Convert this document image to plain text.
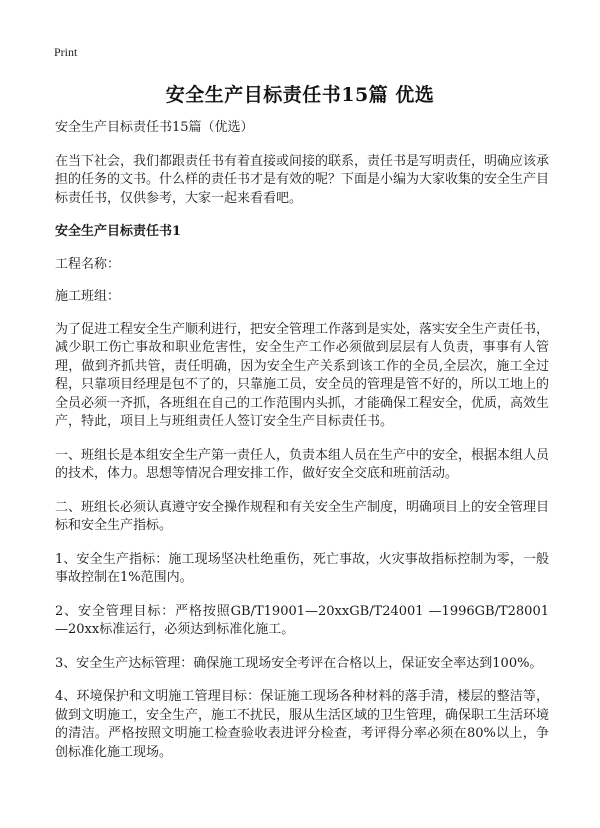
Print
安全生产目标责任书15篇 优选

安全生产目标责任书15篇（优选）

在当下社会，我们都跟责任书有着直接或间接的联系，责任书是写明责任，明确应该承担的任务的文书。什么样的责任书才是有效的呢？下面是小编为大家收集的安全生产目标责任书，仅供参考，大家一起来看看吧。

安全生产目标责任书1

工程名称：

施工班组：

为了促进工程安全生产顺利进行，把安全管理工作落到是实处，落实安全生产责任书，减少职工伤亡事故和职业危害性，安全生产工作必须做到层层有人负责，事事有人管理，做到齐抓共管，责任明确，因为安全生产关系到该工作的全员,全层次，施工全过程，只靠项目经理是包不了的，只靠施工员，安全员的管理是管不好的，所以工地上的全员必须一齐抓，各班组在自己的工作范围内头抓，才能确保工程安全，优质，高效生产，特此，项目上与班组责任人签订安全生产目标责任书。

一、班组长是本组安全生产第一责任人，负责本组人员在生产中的安全，根据本组人员的技术，体力。思想等情况合理安排工作，做好安全交底和班前活动。

二、班组长必须认真遵守安全操作规程和有关安全生产制度，明确项目上的安全管理目标和安全生产指标。

1、安全生产指标：施工现场坚决杜绝重伤，死亡事故，火灾事故指标控制为零，一般事故控制在1%范围内。

2、安全管理目标：严格按照GB/T19001—20xxGB/T24001 —1996GB/T28001—20xx标准运行，必须达到标准化施工。

3、安全生产达标管理：确保施工现场安全考评在合格以上，保证安全率达到100%。

4、环境保护和文明施工管理目标：保证施工现场各种材料的落手清，楼层的整洁等，做到文明施工，安全生产，施工不扰民，服从生活区域的卫生管理，确保职工生活环境的清洁。严格按照文明施工检查验收表进评分检查，考评得分率必须在80%以上，争创标准化施工现场。
